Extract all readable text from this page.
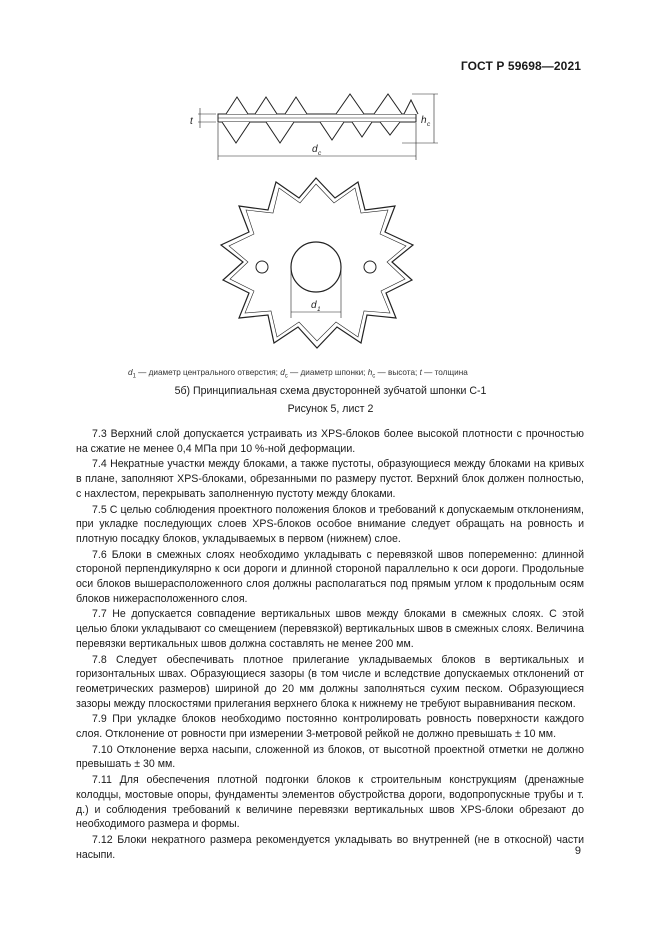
ГОСТ Р 59698—2021
t	h c
d c
d 1
$d_1$ — диаметр центрального отверстия; $d_c$ — диаметр шпонки; $h_c$ — высота; t — толщина
5б) Принципиальная схема двусторонней зубчатой шпонки С-1
Рисунок 5, лист 2

7.3 Верхний слой допускается устраивать из XPS-блоков более высокой плотности с прочностью на сжатие не менее 0,4 МПа при 10 %-ной деформации.

7.4 Некратные участки между блоками, а также пустоты, образующиеся между блоками на кривых в плане, заполняют XPS-блоками, обрезанными по размеру пустот. Верхний блок должен полностью, с нахлестом, перекрывать заполненную пустоту между блоками.

7.5 С целью соблюдения проектного положения блоков и требований к допускаемым отклонениям, при укладке последующих слоев XPS-блоков особое внимание следует обращать на ровность и плотную посадку блоков, укладываемых в первом (нижнем) слое.

7.6 Блоки в смежных слоях необходимо укладывать с перевязкой швов попеременно: длинной стороной перпендикулярно к оси дороги и длинной стороной параллельно к оси дороги. Продольные оси блоков вышерасположенного слоя должны располагаться под прямым углом к продольным осям блоков нижерасположенного слоя.

7.7 Не допускается совпадение вертикальных швов между блоками в смежных слоях. С этой целью блоки укладывают со смещением (перевязкой) вертикальных швов в смежных слоях. Величина перевязки вертикальных швов должна составлять не менее 200 мм.

7.8 Следует обеспечивать плотное прилегание укладываемых блоков в вертикальных и горизонтальных швах. Образующиеся зазоры (в том числе и вследствие допускаемых отклонений от геометрических размеров) шириной до 20 мм должны заполняться сухим песком. Образующиеся зазоры между плоскостями прилегания верхнего блока к нижнему не требуют выравнивания песком.

7.9 При укладке блоков необходимо постоянно контролировать ровность поверхности каждого слоя. Отклонение от ровности при измерении 3-метровой рейкой не должно превышать ± 10 мм.

7.10 Отклонение верха насыпи, сложенной из блоков, от высотной проектной отметки не должно превышать ± 30 мм.

7.11 Для обеспечения плотной подгонки блоков к строительным конструкциям (дренажные колодцы, мостовые опоры, фундаменты элементов обустройства дороги, водопропускные трубы и т. д.) и соблюдения требований к величине перевязки вертикальных швов XPS-блоки обрезают до необходимого размера и формы.

7.12 Блоки некратного размера рекомендуется укладывать во внутренней (не в откосной) части насыпи.	9
